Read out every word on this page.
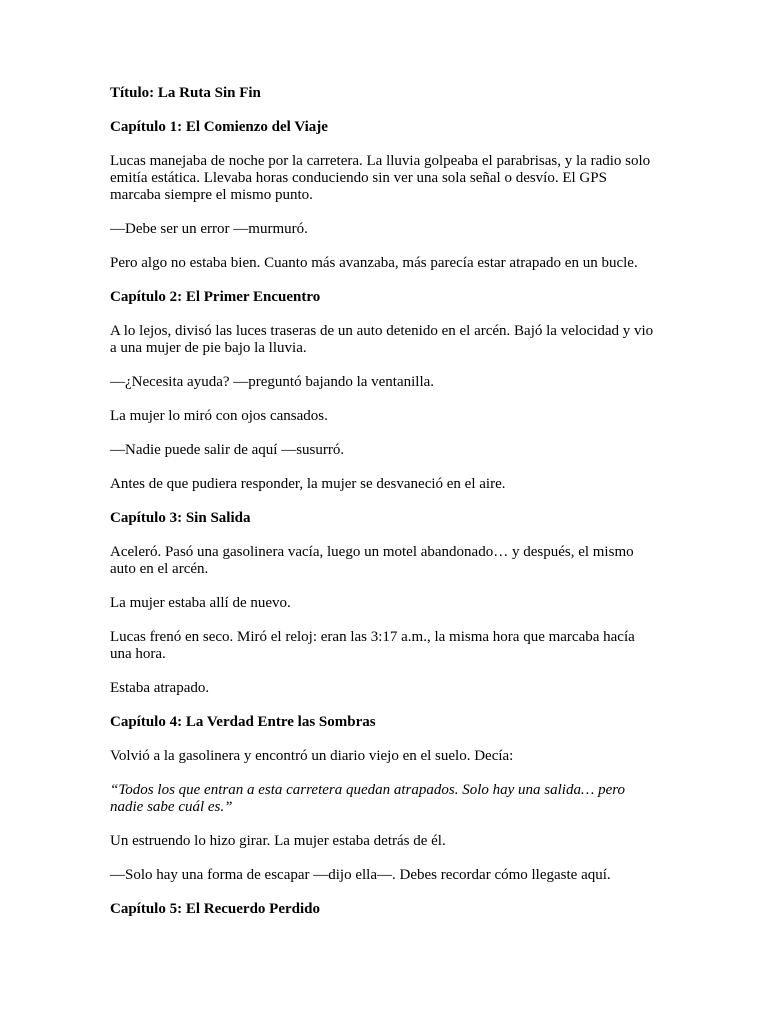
Título: La Ruta Sin Fin

Capítulo 1: El Comienzo del Viaje

Lucas manejaba de noche por la carretera. La lluvia golpeaba el parabrisas, y la radio solo emitía estática. Llevaba horas conduciendo sin ver una sola señal o desvío. El GPS marcaba siempre el mismo punto.

—Debe ser un error —murmuró.

Pero algo no estaba bien. Cuanto más avanzaba, más parecía estar atrapado en un bucle.

Capítulo 2: El Primer Encuentro

A lo lejos, divisó las luces traseras de un auto detenido en el arcén. Bajó la velocidad y vio a una mujer de pie bajo la lluvia.

—¿Necesita ayuda? —preguntó bajando la ventanilla.

La mujer lo miró con ojos cansados.

—Nadie puede salir de aquí —susurró.

Antes de que pudiera responder, la mujer se desvaneció en el aire.

Capítulo 3: Sin Salida

Aceleró. Pasó una gasolinera vacía, luego un motel abandonado… y después, el mismo auto en el arcén.

La mujer estaba allí de nuevo.

Lucas frenó en seco. Miró el reloj: eran las 3:17 a.m., la misma hora que marcaba hacía una hora.

Estaba atrapado.

Capítulo 4: La Verdad Entre las Sombras

Volvió a la gasolinera y encontró un diario viejo en el suelo. Decía:

“Todos los que entran a esta carretera quedan atrapados. Solo hay una salida… pero nadie sabe cuál es.”

Un estruendo lo hizo girar. La mujer estaba detrás de él.

—Solo hay una forma de escapar —dijo ella—. Debes recordar cómo llegaste aquí.

Capítulo 5: El Recuerdo Perdido
